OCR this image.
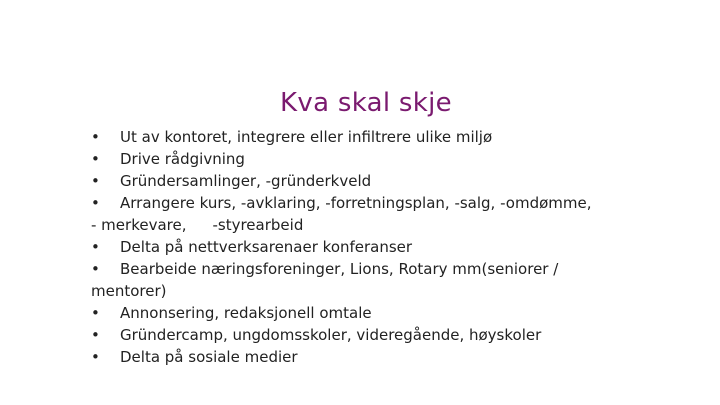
Kva skal skje
• Ut av kontoret, integrere eller infiltrere ulike miljø
• Drive rådgivning
• Gründersamlinger, -gründerkveld
• Arrangere kurs, -avklaring, -forretningsplan, -salg, -omdømme,
- merkevare, -styrearbeid
• Delta på nettverksarenaer konferanser
• Bearbeide næringsforeninger, Lions, Rotary mm(seniorer /
mentorer)
• Annonsering, redaksjonell omtale
• Gründercamp, ungdomsskoler, videregående, høyskoler
• Delta på sosiale medier
